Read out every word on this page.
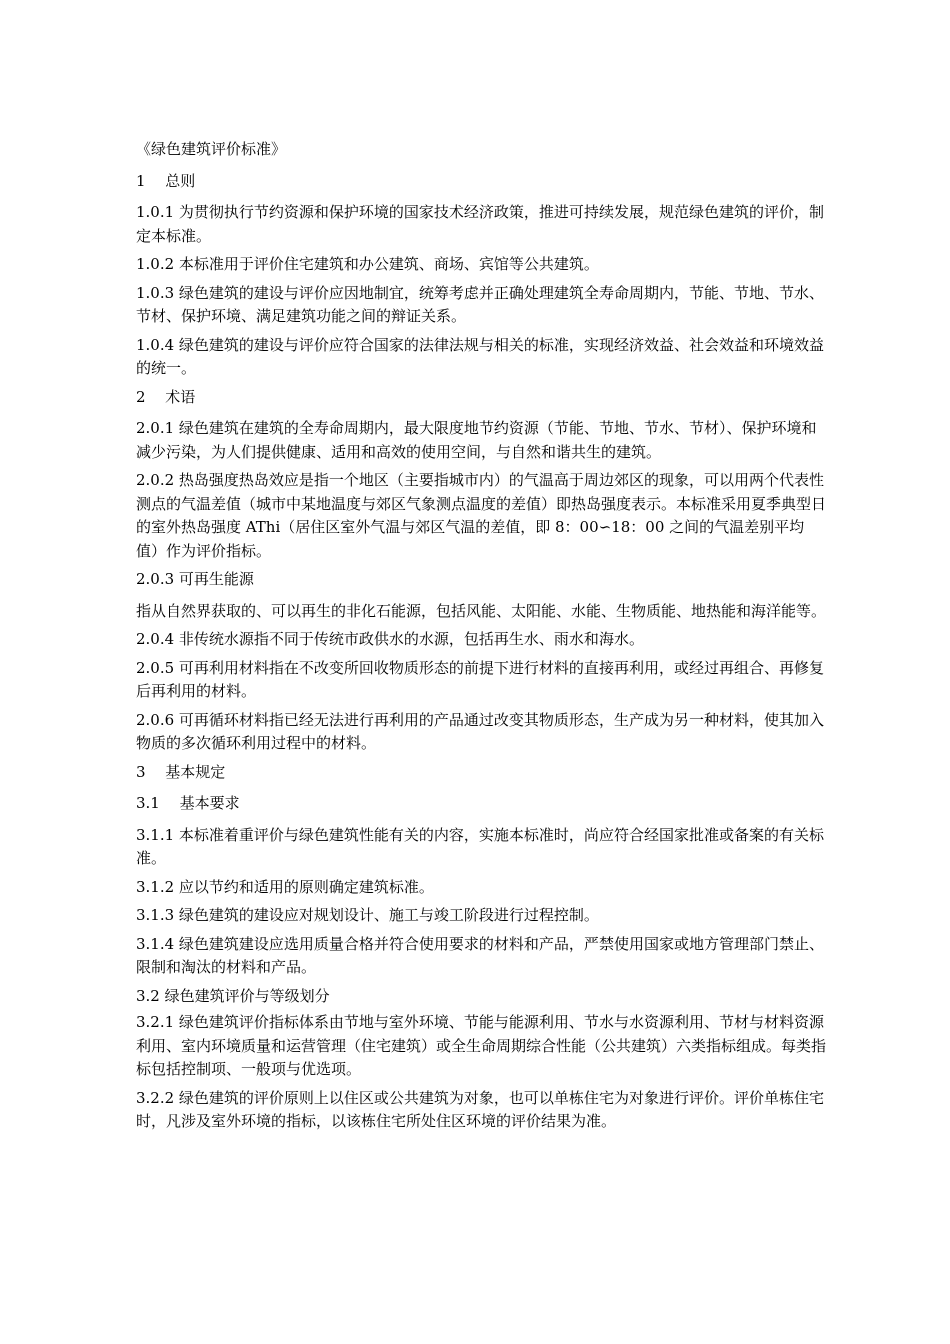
《绿色建筑评价标准》

1　 总则

1.0.1 为贯彻执行节约资源和保护环境的国家技术经济政策，推进可持续发展，规范绿色建筑的评价，制定本标准。

1.0.2 本标准用于评价住宅建筑和办公建筑、商场、宾馆等公共建筑。

1.0.3 绿色建筑的建设与评价应因地制宜，统筹考虑并正确处理建筑全寿命周期内，节能、节地、节水、节材、保护环境、满足建筑功能之间的辩证关系。

1.0.4 绿色建筑的建设与评价应符合国家的法律法规与相关的标准，实现经济效益、社会效益和环境效益的统一。

2　 术语

2.0.1 绿色建筑在建筑的全寿命周期内，最大限度地节约资源（节能、节地、节水、节材）、保护环境和减少污染，为人们提供健康、适用和高效的使用空间，与自然和谐共生的建筑。

2.0.2 热岛强度热岛效应是指一个地区（主要指城市内）的气温高于周边郊区的现象，可以用两个代表性测点的气温差值（城市中某地温度与郊区气象测点温度的差值）即热岛强度表示。本标准采用夏季典型日的室外热岛强度 AThi（居住区室外气温与郊区气温的差值，即 8：00∽18：00 之间的气温差别平均值）作为评价指标。

2.0.3 可再生能源

指从自然界获取的、可以再生的非化石能源，包括风能、太阳能、水能、生物质能、地热能和海洋能等。

2.0.4 非传统水源指不同于传统市政供水的水源，包括再生水、雨水和海水。

2.0.5 可再利用材料指在不改变所回收物质形态的前提下进行材料的直接再利用，或经过再组合、再修复后再利用的材料。

2.0.6 可再循环材料指已经无法进行再利用的产品通过改变其物质形态，生产成为另一种材料，使其加入物质的多次循环利用过程中的材料。

3　 基本规定

3.1　 基本要求

3.1.1 本标准着重评价与绿色建筑性能有关的内容，实施本标准时，尚应符合经国家批准或备案的有关标准。

3.1.2 应以节约和适用的原则确定建筑标准。

3.1.3 绿色建筑的建设应对规划设计、施工与竣工阶段进行过程控制。

3.1.4 绿色建筑建设应选用质量合格并符合使用要求的材料和产品，严禁使用国家或地方管理部门禁止、限制和淘汰的材料和产品。

3.2 绿色建筑评价与等级划分

3.2.1 绿色建筑评价指标体系由节地与室外环境、节能与能源利用、节水与水资源利用、节材与材料资源利用、室内环境质量和运营管理（住宅建筑）或全生命周期综合性能（公共建筑）六类指标组成。每类指标包括控制项、一般项与优选项。

3.2.2 绿色建筑的评价原则上以住区或公共建筑为对象，也可以单栋住宅为对象进行评价。评价单栋住宅时，凡涉及室外环境的指标，以该栋住宅所处住区环境的评价结果为准。
